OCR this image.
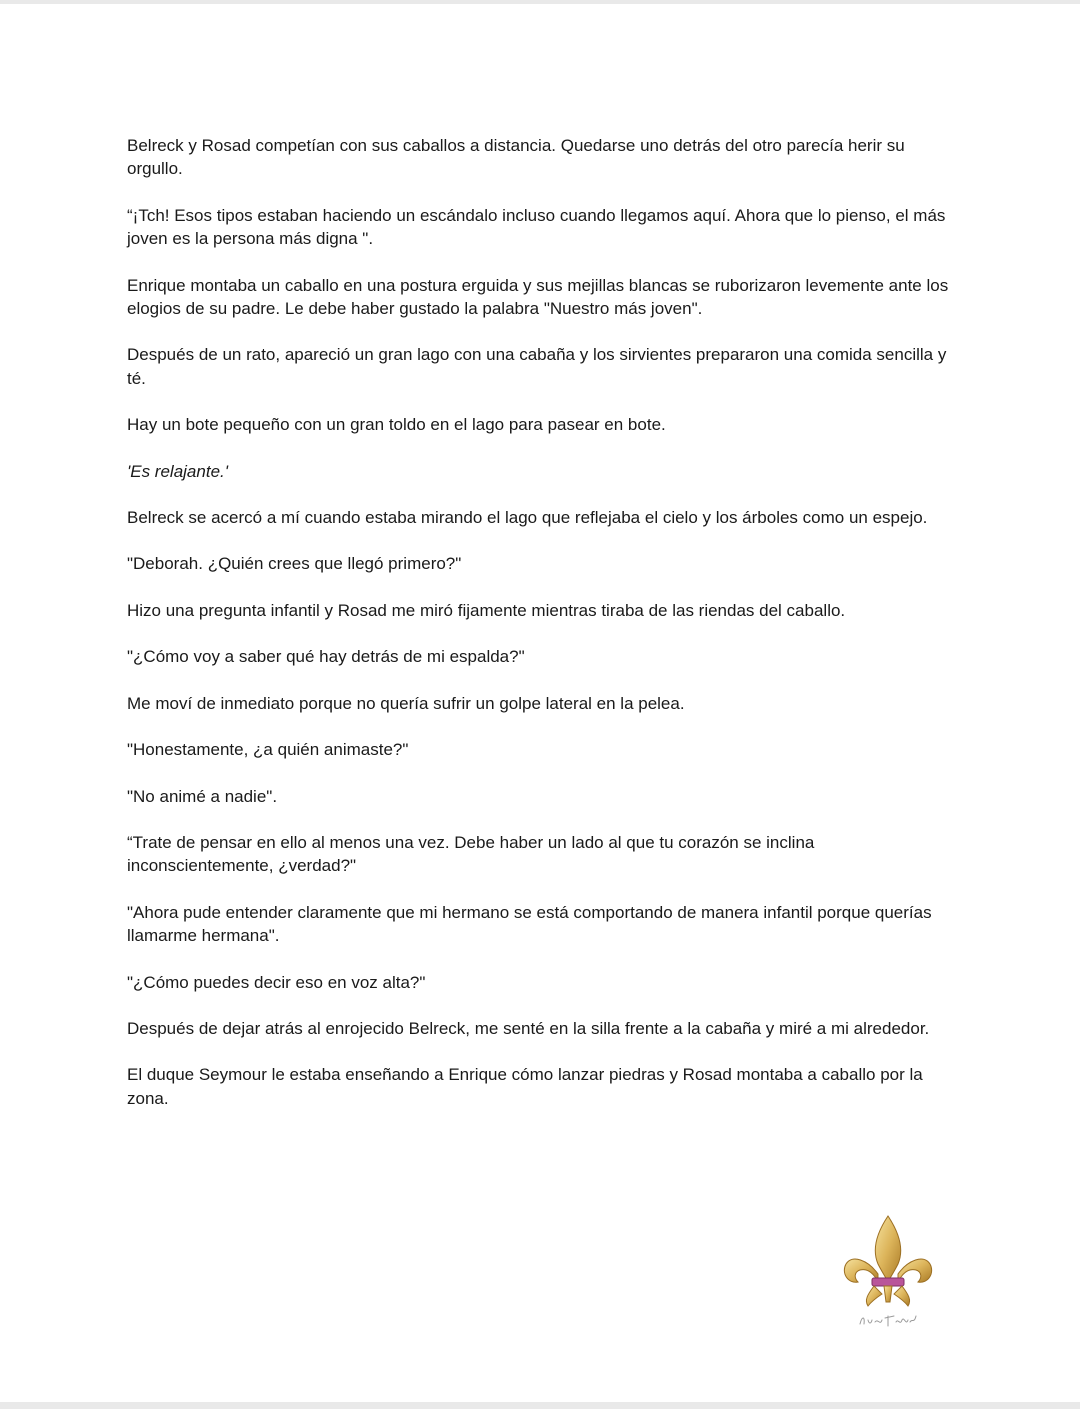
Belreck y Rosad competían con sus caballos a distancia. Quedarse uno detrás del otro parecía herir su orgullo.

“¡Tch! Esos tipos estaban haciendo un escándalo incluso cuando llegamos aquí. Ahora que lo pienso, el más joven es la persona más digna ".

Enrique montaba un caballo en una postura erguida y sus mejillas blancas se ruborizaron levemente ante los elogios de su padre. Le debe haber gustado la palabra "Nuestro más joven".

Después de un rato, apareció un gran lago con una cabaña y los sirvientes prepararon una comida sencilla y té.

Hay un bote pequeño con un gran toldo en el lago para pasear en bote.

'Es relajante.'

Belreck se acercó a mí cuando estaba mirando el lago que reflejaba el cielo y los árboles como un espejo.

"Deborah. ¿Quién crees que llegó primero?"

Hizo una pregunta infantil y Rosad me miró fijamente mientras tiraba de las riendas del caballo.

"¿Cómo voy a saber qué hay detrás de mi espalda?"

Me moví de inmediato porque no quería sufrir un golpe lateral en la pelea.

"Honestamente, ¿a quién animaste?"

"No animé a nadie".

“Trate de pensar en ello al menos una vez. Debe haber un lado al que tu corazón se inclina inconscientemente, ¿verdad?"

"Ahora pude entender claramente que mi hermano se está comportando de manera infantil porque querías llamarme hermana".

"¿Cómo puedes decir eso en voz alta?"

Después de dejar atrás al enrojecido Belreck, me senté en la silla frente a la cabaña y miré a mi alrededor.

El duque Seymour le estaba enseñando a Enrique cómo lanzar piedras y Rosad montaba a caballo por la zona.
